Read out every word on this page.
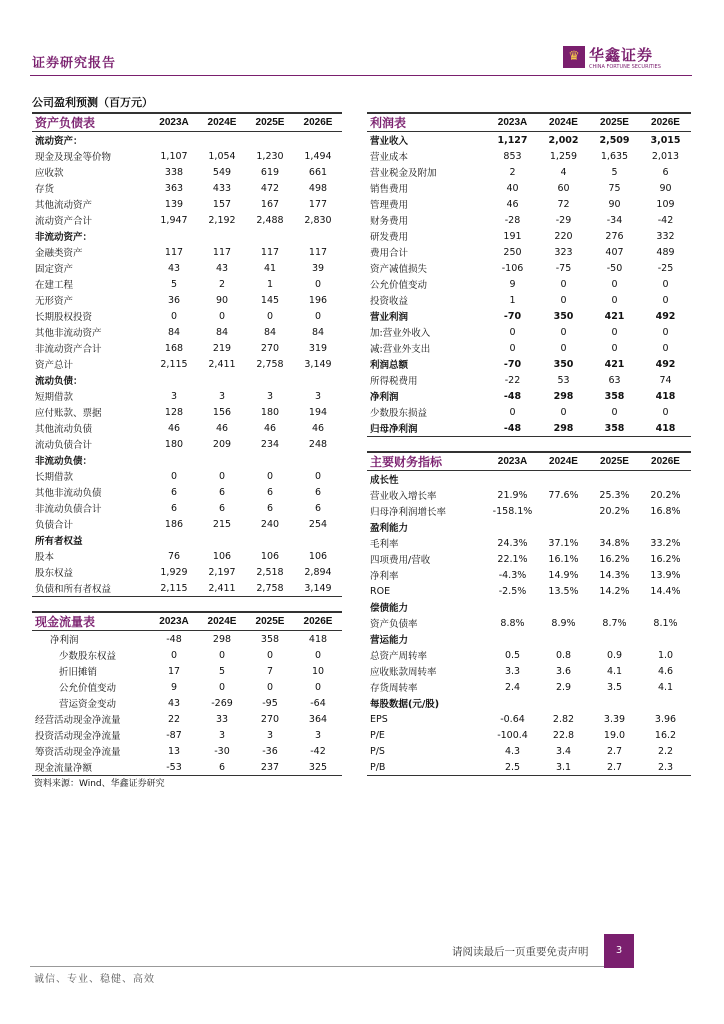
证券研究报告	♛ 华鑫证券
CHINA FORTUNE SECURITIES
公司盈利预测（百万元）
资产负债表	2023A	2024E	2025E	2026E
流动资产：				
现金及现金等价物	1,107	1,054	1,230	1,494
应收款	338	549	619	661
存货	363	433	472	498
其他流动资产	139	157	167	177
流动资产合计	1,947	2,192	2,488	2,830
非流动资产：				
金融类资产	117	117	117	117
固定资产	43	43	41	39
在建工程	5	2	1	0
无形资产	36	90	145	196
长期股权投资	0	0	0	0
其他非流动资产	84	84	84	84
非流动资产合计	168	219	270	319
资产总计	2,115	2,411	2,758	3,149
流动负债：				
短期借款	3	3	3	3
应付账款、票据	128	156	180	194
其他流动负债	46	46	46	46
流动负债合计	180	209	234	248
非流动负债：				
长期借款	0	0	0	0
其他非流动负债	6	6	6	6
非流动负债合计	6	6	6	6
负债合计	186	215	240	254
所有者权益				
股本	76	106	106	106
股东权益	1,929	2,197	2,518	2,894
负债和所有者权益	2,115	2,411	2,758	3,149
利润表	2023A	2024E	2025E	2026E
营业收入	1,127	2,002	2,509	3,015
营业成本	853	1,259	1,635	2,013
营业税金及附加	2	4	5	6
销售费用	40	60	75	90
管理费用	46	72	90	109
财务费用	-28	-29	-34	-42
研发费用	191	220	276	332
费用合计	250	323	407	489
资产减值损失	-106	-75	-50	-25
公允价值变动	9	0	0	0
投资收益	1	0	0	0
营业利润	-70	350	421	492
加:营业外收入	0	0	0	0
减:营业外支出	0	0	0	0
利润总额	-70	350	421	492
所得税费用	-22	53	63	74
净利润	-48	298	358	418
少数股东损益	0	0	0	0
归母净利润	-48	298	358	418
主要财务指标	2023A	2024E	2025E	2026E
成长性				
营业收入增长率	21.9%	77.6%	25.3%	20.2%
归母净利润增长率	-158.1%		20.2%	16.8%
盈利能力				
毛利率	24.3%	37.1%	34.8%	33.2%
四项费用/营收	22.1%	16.1%	16.2%	16.2%
净利率	-4.3%	14.9%	14.3%	13.9%
ROE	-2.5%	13.5%	14.2%	14.4%
偿债能力				
资产负债率	8.8%	8.9%	8.7%	8.1%
营运能力				
总资产周转率	0.5	0.8	0.9	1.0
应收账款周转率	3.3	3.6	4.1	4.6
存货周转率	2.4	2.9	3.5	4.1
每股数据(元/股)				
EPS	-0.64	2.82	3.39	3.96
P/E	-100.4	22.8	19.0	16.2
P/S	4.3	3.4	2.7	2.2
P/B	2.5	3.1	2.7	2.3
现金流量表	2023A	2024E	2025E	2026E
净利润	-48	298	358	418
少数股东权益	0	0	0	0
折旧摊销	17	5	7	10
公允价值变动	9	0	0	0
营运资金变动	43	-269	-95	-64
经营活动现金净流量	22	33	270	364
投资活动现金净流量	-87	3	3	3
筹资活动现金净流量	13	-30	-36	-42
现金流量净额	-53	6	237	325
资料来源：Wind、华鑫证券研究
请阅读最后一页重要免责声明	3
诚信、专业、稳健、高效
